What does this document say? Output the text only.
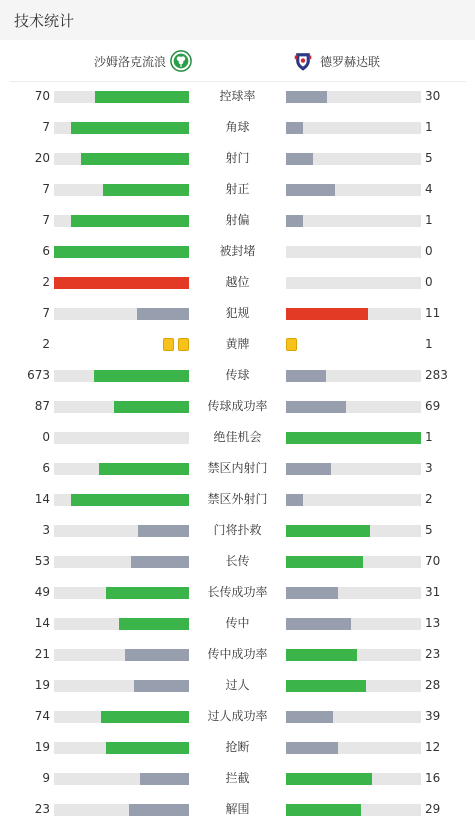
技术统计
沙姆洛克流浪	德罗赫达联
70	控球率	30
7	角球	1
20	射门	5
7	射正	4
7	射偏	1
6	被封堵	0
2	越位	0
7	犯规	11
2	黄牌	1
673	传球	283
87	传球成功率	69
0	绝佳机会	1
6	禁区内射门	3
14	禁区外射门	2
3	门将扑救	5
53	长传	70
49	长传成功率	31
14	传中	13
21	传中成功率	23
19	过人	28
74	过人成功率	39
19	抢断	12
9	拦截	16
23	解围	29
